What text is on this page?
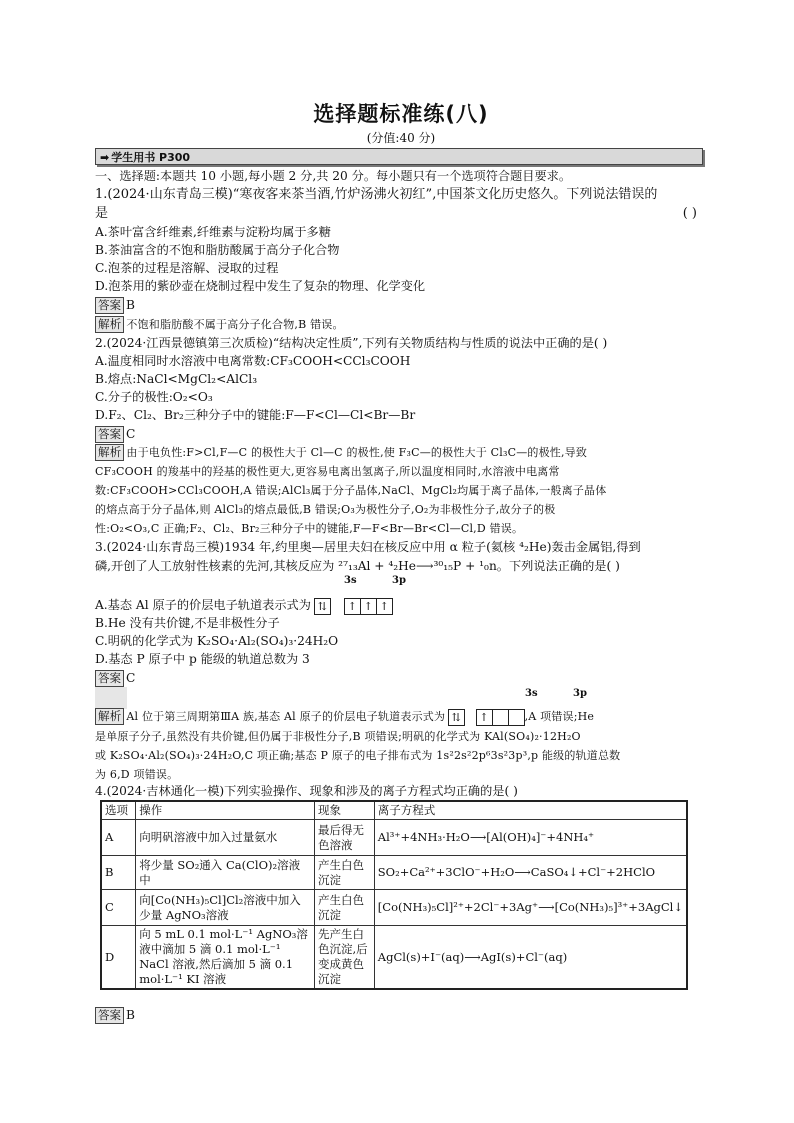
选择题标准练(八)
(分值:40 分)
➡ 学生用书 P300
一、选择题:本题共 10 小题,每小题 2 分,共 20 分。每小题只有一个选项符合题目要求。
1.(2024·山东青岛三模)“寒夜客来茶当酒,竹炉汤沸火初红”,中国茶文化历史悠久。下列说法错误的
是	( )
A.茶叶富含纤维素,纤维素与淀粉均属于多糖
B.茶油富含的不饱和脂肪酸属于高分子化合物
C.泡茶的过程是溶解、浸取的过程
D.泡茶用的紫砂壶在烧制过程中发生了复杂的物理、化学变化
答案 B
解析 不饱和脂肪酸不属于高分子化合物,B 错误。
2.(2024·江西景德镇第三次质检)“结构决定性质”,下列有关物质结构与性质的说法中正确的是( )
A.温度相同时水溶液中电离常数:CF₃COOH<CCl₃COOH
B.熔点:NaCl<MgCl₂<AlCl₃
C.分子的极性:O₂<O₃
D.F₂、Cl₂、Br₂三种分子中的键能:F—F<Cl—Cl<Br—Br
答案 C
解析 由于电负性:F>Cl,F—C 的极性大于 Cl—C 的极性,使 F₃C—的极性大于 Cl₃C—的极性,导致
CF₃COOH 的羧基中的羟基的极性更大,更容易电离出氢离子,所以温度相同时,水溶液中电离常
数:CF₃COOH>CCl₃COOH,A 错误;AlCl₃属于分子晶体,NaCl、MgCl₂均属于离子晶体,一般离子晶体
的熔点高于分子晶体,则 AlCl₃的熔点最低,B 错误;O₃为极性分子,O₂为非极性分子,故分子的极
性:O₂<O₃,C 正确;F₂、Cl₂、Br₂三种分子中的键能,F—F<Br—Br<Cl—Cl,D 错误。
3.(2024·山东青岛三模)1934 年,约里奥—居里夫妇在核反应中用 α 粒子(氦核 ⁴₂He)轰击金属铝,得到
磷,开创了人工放射性核素的先河,其核反应为 ²⁷₁₃Al + ⁴₂He⟶³⁰₁₅P + ¹₀n。下列说法正确的是( )
3s	3p
A.基态 Al 原子的价层电子轨道表示式为 ⇅ ↑ ↑ ↑
B.He 没有共价键,不是非极性分子
C.明矾的化学式为 K₂SO₄·Al₂(SO₄)₃·24H₂O
D.基态 P 原子中 p 能级的轨道总数为 3
答案 C
3s	3p
解析 Al 位于第三周期第ⅢA 族,基态 Al 原子的价层电子轨道表示式为 ⇅ ↑	,A 项错误;He
是单原子分子,虽然没有共价键,但仍属于非极性分子,B 项错误;明矾的化学式为 KAl(SO₄)₂·12H₂O
或 K₂SO₄·Al₂(SO₄)₃·24H₂O,C 项正确;基态 P 原子的电子排布式为 1s²2s²2p⁶3s²3p³,p 能级的轨道总数
为 6,D 项错误。
4.(2024·吉林通化一模)下列实验操作、现象和涉及的离子方程式均正确的是( )
选项	操作	现象	离子方程式
A	向明矾溶液中加入过量氨水	最后得无色溶液	Al³⁺+4NH₃·H₂O⟶[Al(OH)₄]⁻+4NH₄⁺
B	将少量 SO₂通入 Ca(ClO)₂溶液中	产生白色沉淀	SO₂+Ca²⁺+3ClO⁻+H₂O⟶CaSO₄↓+Cl⁻+2HClO
C	向[Co(NH₃)₅Cl]Cl₂溶液中加入少量 AgNO₃溶液	产生白色沉淀	[Co(NH₃)₅Cl]²⁺+2Cl⁻+3Ag⁺⟶[Co(NH₃)₅]³⁺+3AgCl↓
D	向 5 mL 0.1 mol·L⁻¹ AgNO₃溶液中滴加 5 滴 0.1 mol·L⁻¹ NaCl 溶液,然后滴加 5 滴 0.1 mol·L⁻¹ KI 溶液	先产生白色沉淀,后变成黄色沉淀	AgCl(s)+I⁻(aq)⟶AgI(s)+Cl⁻(aq)
答案 B
